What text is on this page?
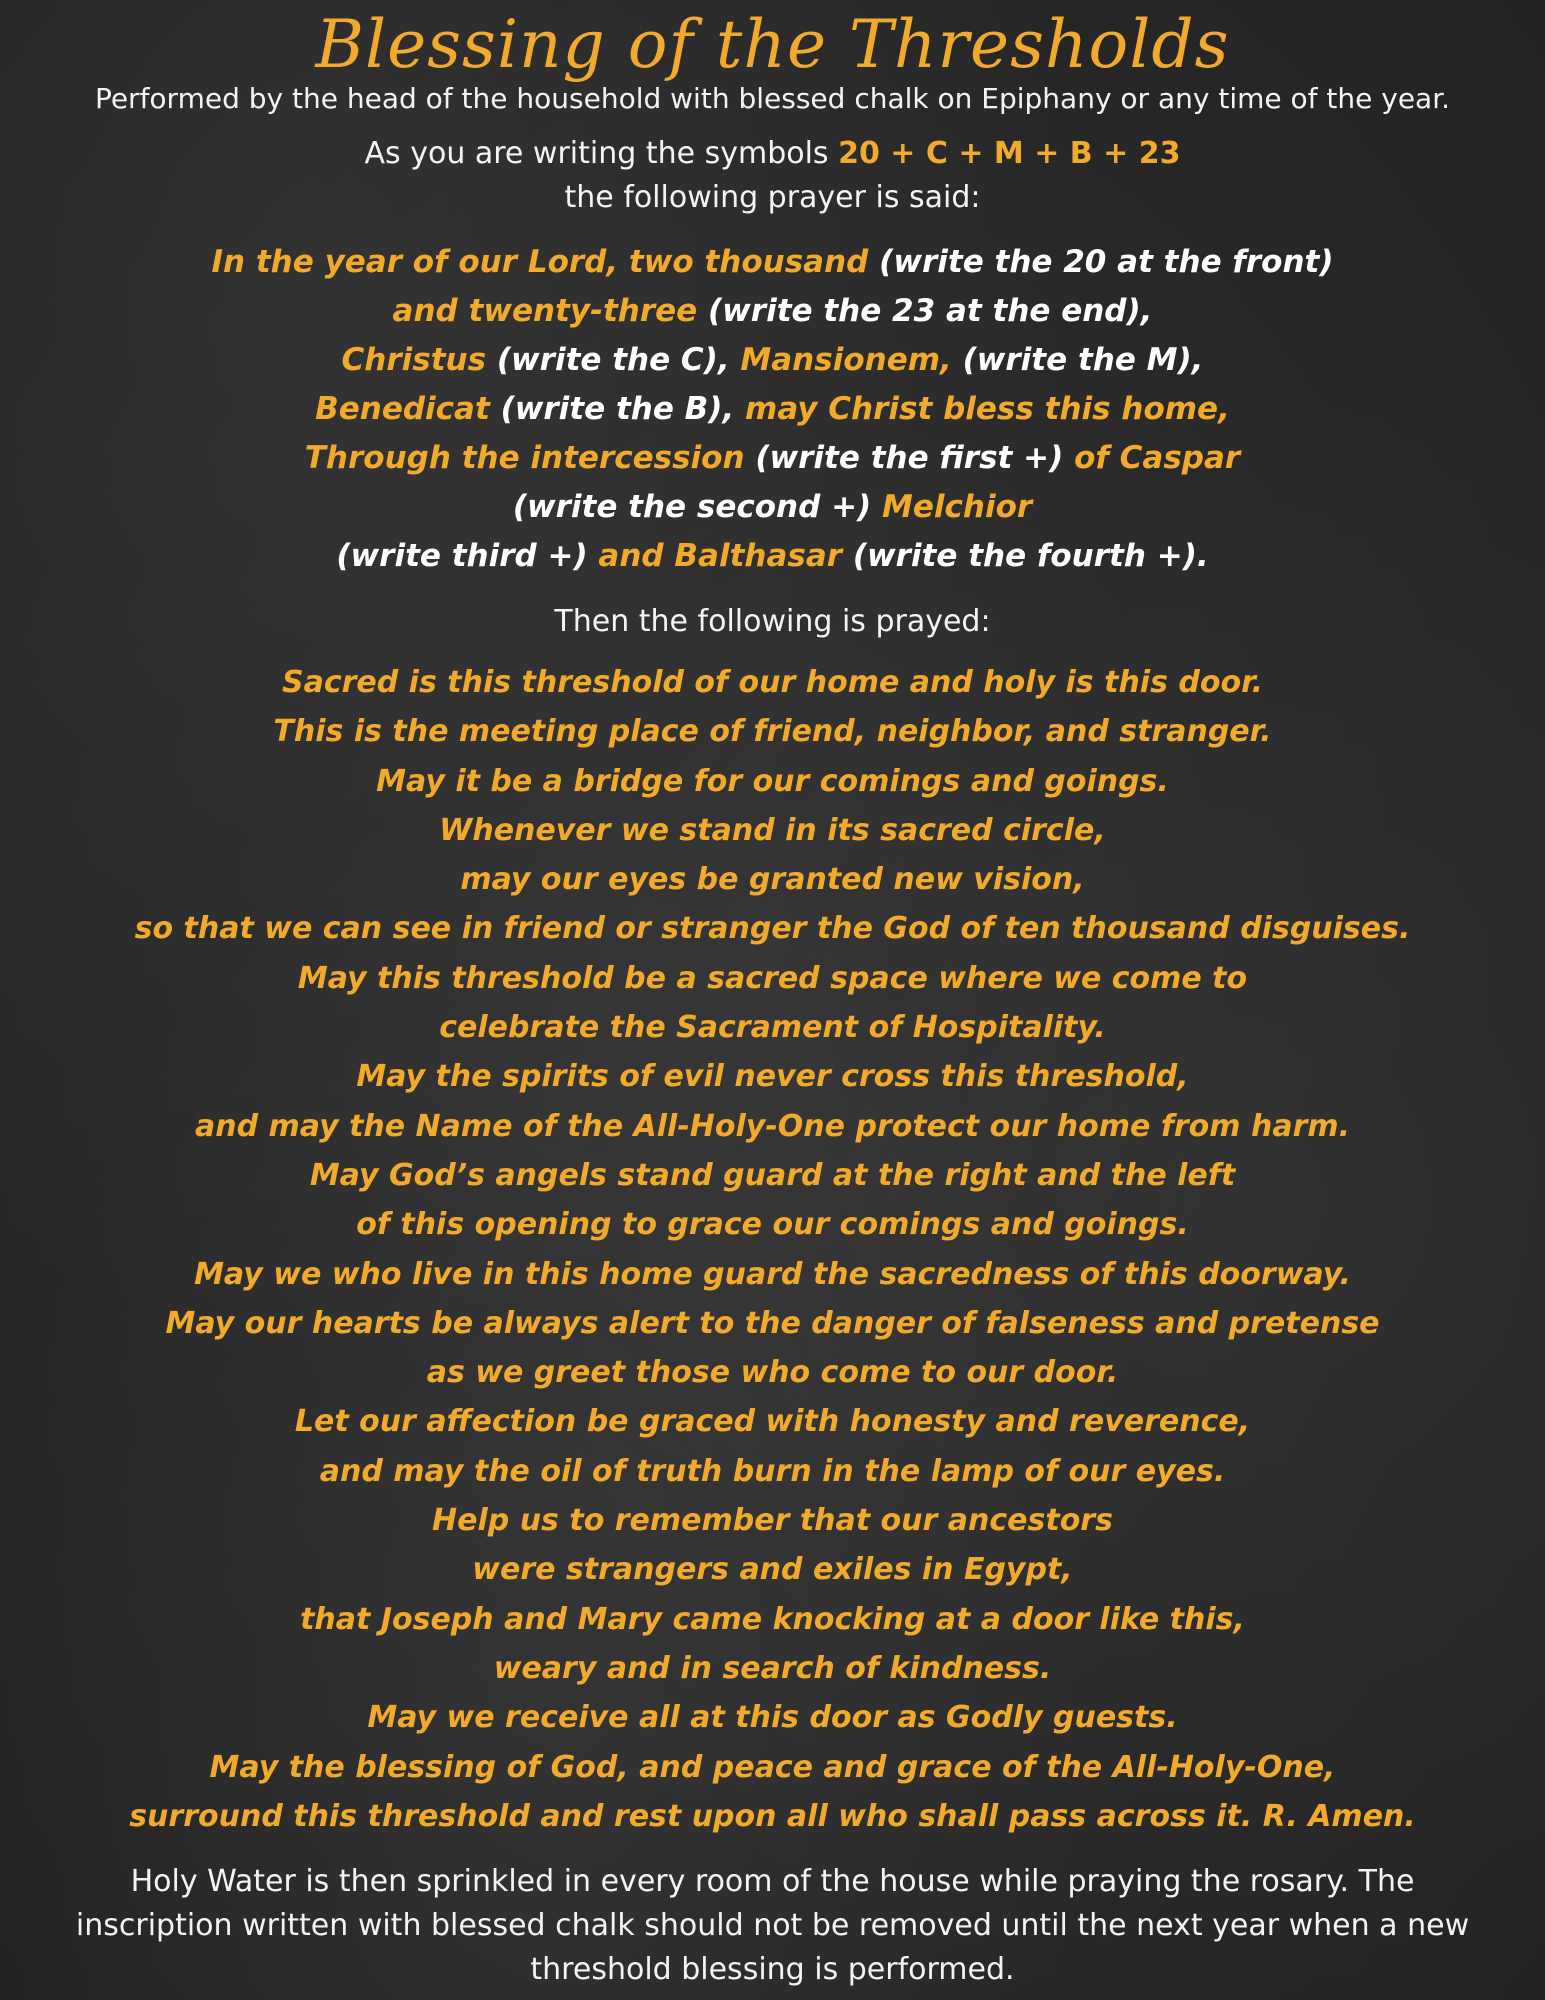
Blessing of the Thresholds

Performed by the head of the household with blessed chalk on Epiphany or any time of the year.

As you are writing the symbols 20 + C + M + B + 23
the following prayer is said:

In the year of our Lord, two thousand (write the 20 at the front)
and twenty-three (write the 23 at the end),
Christus (write the C), Mansionem, (write the M),
Benedicat (write the B), may Christ bless this home,
Through the intercession (write the first +) of Caspar
(write the second +) Melchior
(write third +) and Balthasar (write the fourth +).

Then the following is prayed:

Sacred is this threshold of our home and holy is this door.
This is the meeting place of friend, neighbor, and stranger.
May it be a bridge for our comings and goings.
Whenever we stand in its sacred circle,
may our eyes be granted new vision,
so that we can see in friend or stranger the God of ten thousand disguises.
May this threshold be a sacred space where we come to
celebrate the Sacrament of Hospitality.
May the spirits of evil never cross this threshold,
and may the Name of the All-Holy-One protect our home from harm.
May God’s angels stand guard at the right and the left
of this opening to grace our comings and goings.
May we who live in this home guard the sacredness of this doorway.
May our hearts be always alert to the danger of falseness and pretense
as we greet those who come to our door.
Let our affection be graced with honesty and reverence,
and may the oil of truth burn in the lamp of our eyes.
Help us to remember that our ancestors
were strangers and exiles in Egypt,
that Joseph and Mary came knocking at a door like this,
weary and in search of kindness.
May we receive all at this door as Godly guests.
May the blessing of God, and peace and grace of the All-Holy-One,
surround this threshold and rest upon all who shall pass across it. R. Amen.

Holy Water is then sprinkled in every room of the house while praying the rosary. The inscription written with blessed chalk should not be removed until the next year when a new threshold blessing is performed.
